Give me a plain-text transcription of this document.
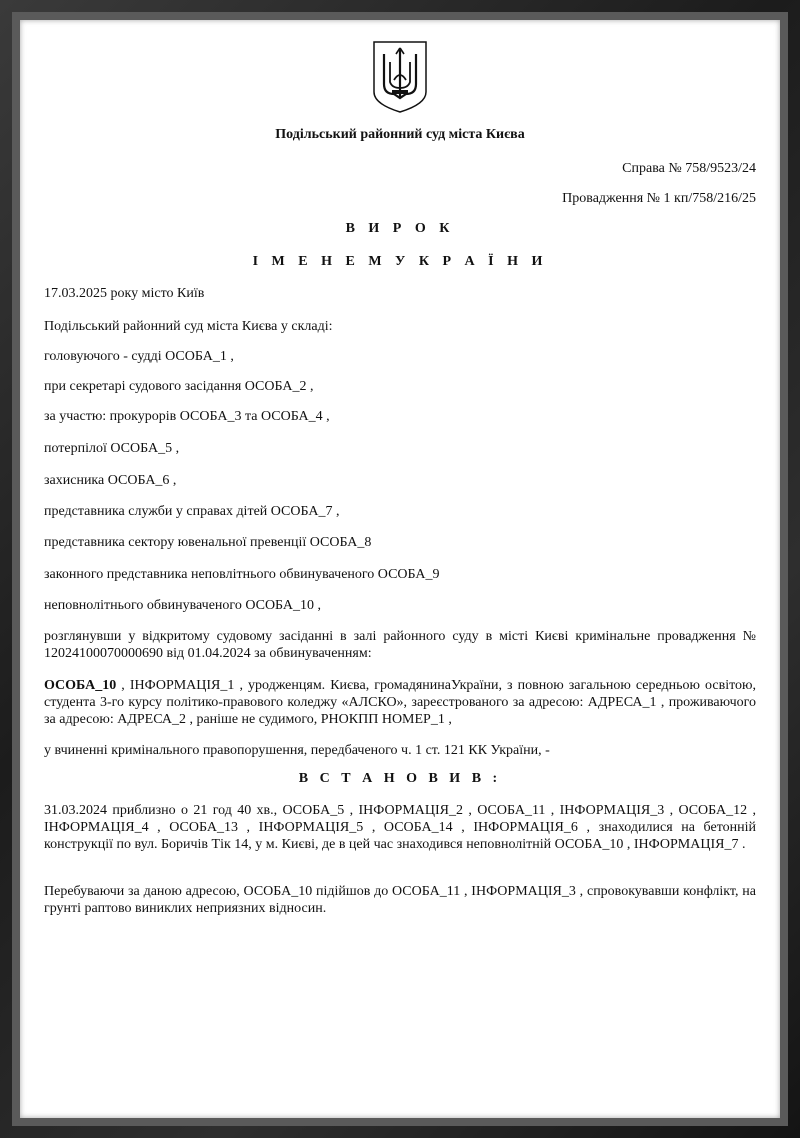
Подільський районний суд міста Києва
Справа № 758/9523/24
Провадження № 1 кп/758/216/25
В И Р О К
І М Е Н Е М У К Р А Ї Н И
17.03.2025 року місто Київ
Подільський районний суд міста Києва у складі:
головуючого - судді ОСОБА_1 ,
при секретарі судового засідання ОСОБА_2 ,
за участю: прокурорів ОСОБА_3 та ОСОБА_4 ,
потерпілої ОСОБА_5 ,
захисника ОСОБА_6 ,
представника служби у справах дітей ОСОБА_7 ,
представника сектору ювенальної превенції ОСОБА_8
законного представника неповлітнього обвинуваченого ОСОБА_9
неповнолітнього обвинуваченого ОСОБА_10 ,
розглянувши у відкритому судовому засіданні в залі районного суду в місті Києві кримінальне провадження № 12024100070000690 від 01.04.2024 за обвинуваченням:
ОСОБА_10 , ІНФОРМАЦІЯ_1 , уродженцям. Києва, громадянинаУкраїни, з повною загальною середньою освітою, студента 3-го курсу політико-правового коледжу «АЛСКО», зареєстрованого за адресою: АДРЕСА_1 , проживаючого за адресою: АДРЕСА_2 , раніше не судимого, РНОКПП НОМЕР_1 ,
у вчиненні кримінального правопорушення, передбаченого ч. 1 ст. 121 КК України, -
В С Т А Н О В И В :
31.03.2024 приблизно о 21 год 40 хв., ОСОБА_5 , ІНФОРМАЦІЯ_2 , ОСОБА_11 , ІНФОРМАЦІЯ_3 , ОСОБА_12 , ІНФОРМАЦІЯ_4 , ОСОБА_13 , ІНФОРМАЦІЯ_5 , ОСОБА_14 , ІНФОРМАЦІЯ_6 , знаходилися на бетонній конструкції по вул. Боричів Тік 14, у м. Києві, де в цей час знаходився неповнолітній ОСОБА_10 , ІНФОРМАЦІЯ_7 .
Перебуваючи за даною адресою, ОСОБА_10 підійшов до ОСОБА_11 , ІНФОРМАЦІЯ_3 , спровокувавши конфлікт, на грунті раптово виниклих неприязних відносин.
